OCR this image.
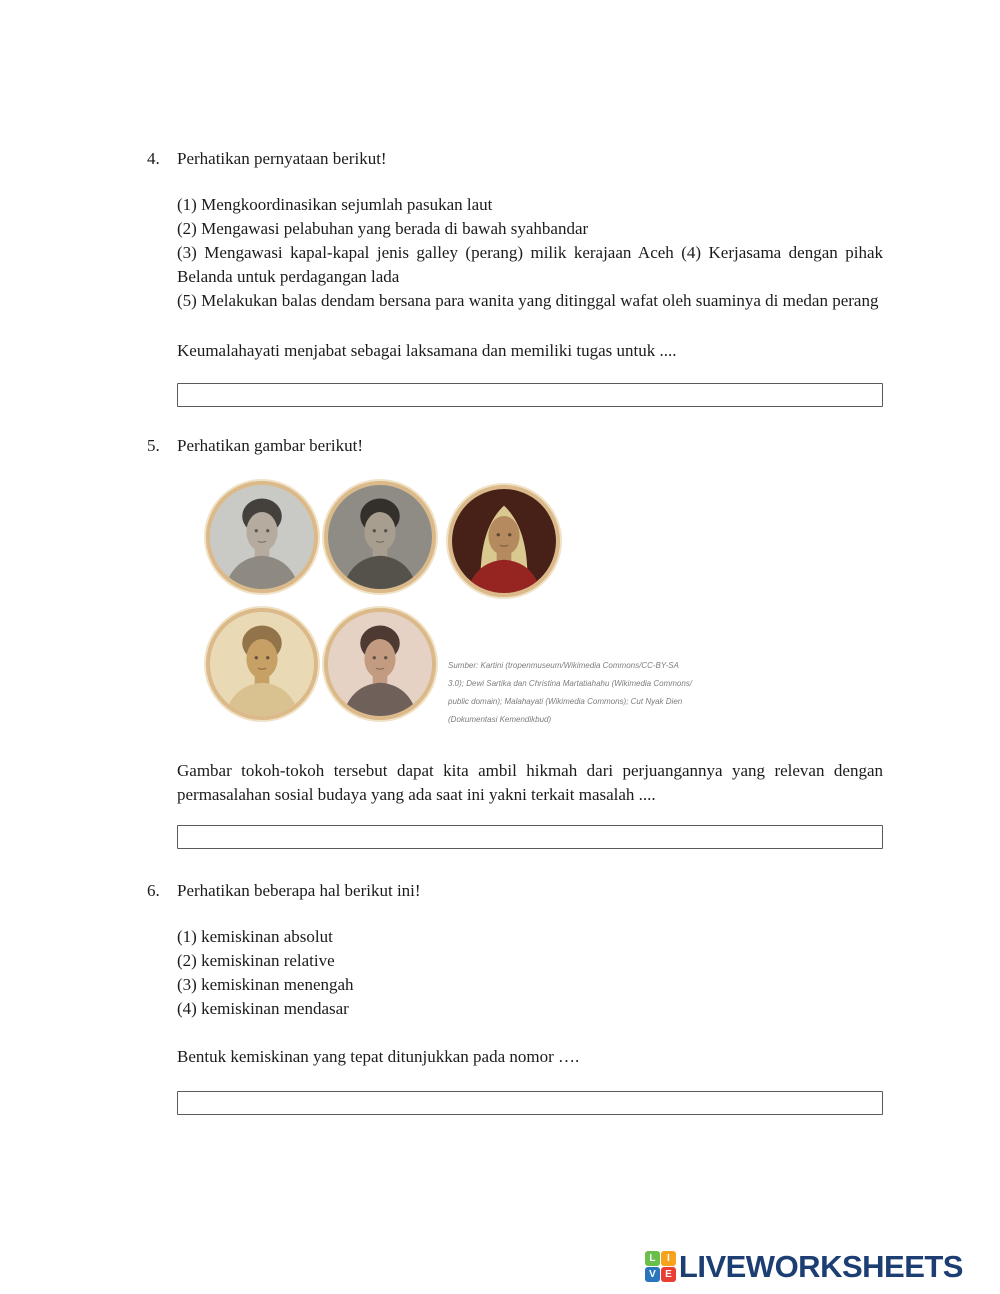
4.	Perhatikan pernyataan berikut!

(1) Mengkoordinasikan sejumlah pasukan laut

(2) Mengawasi pelabuhan yang berada di bawah syahbandar

(3) Mengawasi kapal-kapal jenis galley (perang) milik kerajaan Aceh (4) Kerjasama dengan pihak Belanda untuk perdagangan lada

(5) Melakukan balas dendam bersana para wanita yang ditinggal wafat oleh suaminya di medan perang

Keumalahayati menjabat sebagai laksamana dan memiliki tugas untuk ....

5.	Perhatikan gambar berikut!

Sumber: Kartini (tropenmuseum/Wikimedia Commons/CC-BY-SA
3.0); Dewi Sartika dan Christina Martatiahahu (Wikimedia Commons/
public domain); Malahayati (Wikimedia Commons); Cut Nyak Dien
(Dokumentasi Kemendikbud)

Gambar tokoh-tokoh tersebut dapat kita ambil hikmah dari perjuangannya yang relevan dengan permasalahan sosial budaya yang ada saat ini yakni terkait masalah ....

6.	Perhatikan beberapa hal berikut ini!

(1) kemiskinan absolut

(2) kemiskinan relative

(3) kemiskinan menengah

(4) kemiskinan mendasar

Bentuk kemiskinan yang tepat ditunjukkan pada nomor ….

L	I
V E LIVEWORKSHEETS
